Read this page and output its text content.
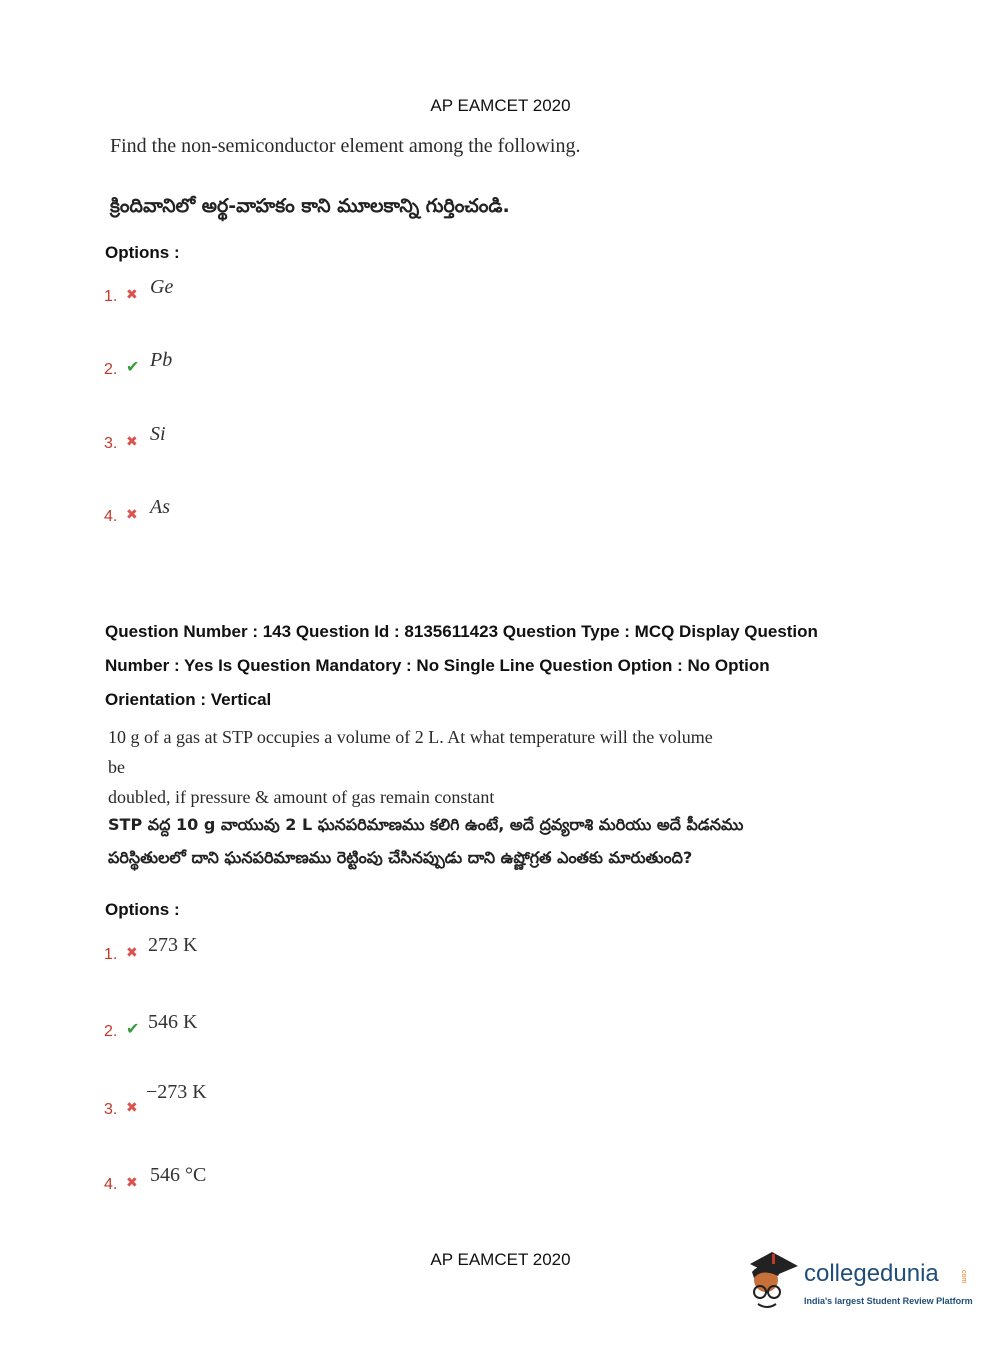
AP EAMCET 2020
Find the non-semiconductor element among the following.
క్రిందివానిలో అర్థ-వాహకం కాని మూలకాన్ని గుర్తించండి.
Options :
1. ✖ Ge
2. ✔ Pb
3. ✖ Si
4. ✖ As
Question Number : 143 Question Id : 8135611423 Question Type : MCQ Display Question
Number : Yes Is Question Mandatory : No Single Line Question Option : No Option
Orientation : Vertical
10 g of a gas at STP occupies a volume of 2 L. At what temperature will the volume be
doubled, if pressure & amount of gas remain constant
STP వద్ద 10 g వాయువు 2 L ఘనపరిమాణము కలిగి ఉంటే, అదే ద్రవ్యరాశి మరియు అదే పీడనము
పరిస్థితులలో దాని ఘనపరిమాణము రెట్టింపు చేసినప్పుడు దాని ఉష్ణోగ్రత ఎంతకు మారుతుంది?
Options :
1. ✖ 273 K
2. ✔ 546 K
3. ✖
−273 K
4. ✖ 546 °C
AP EAMCET 2020
collegedunia	.com
India's largest Student Review Platform
